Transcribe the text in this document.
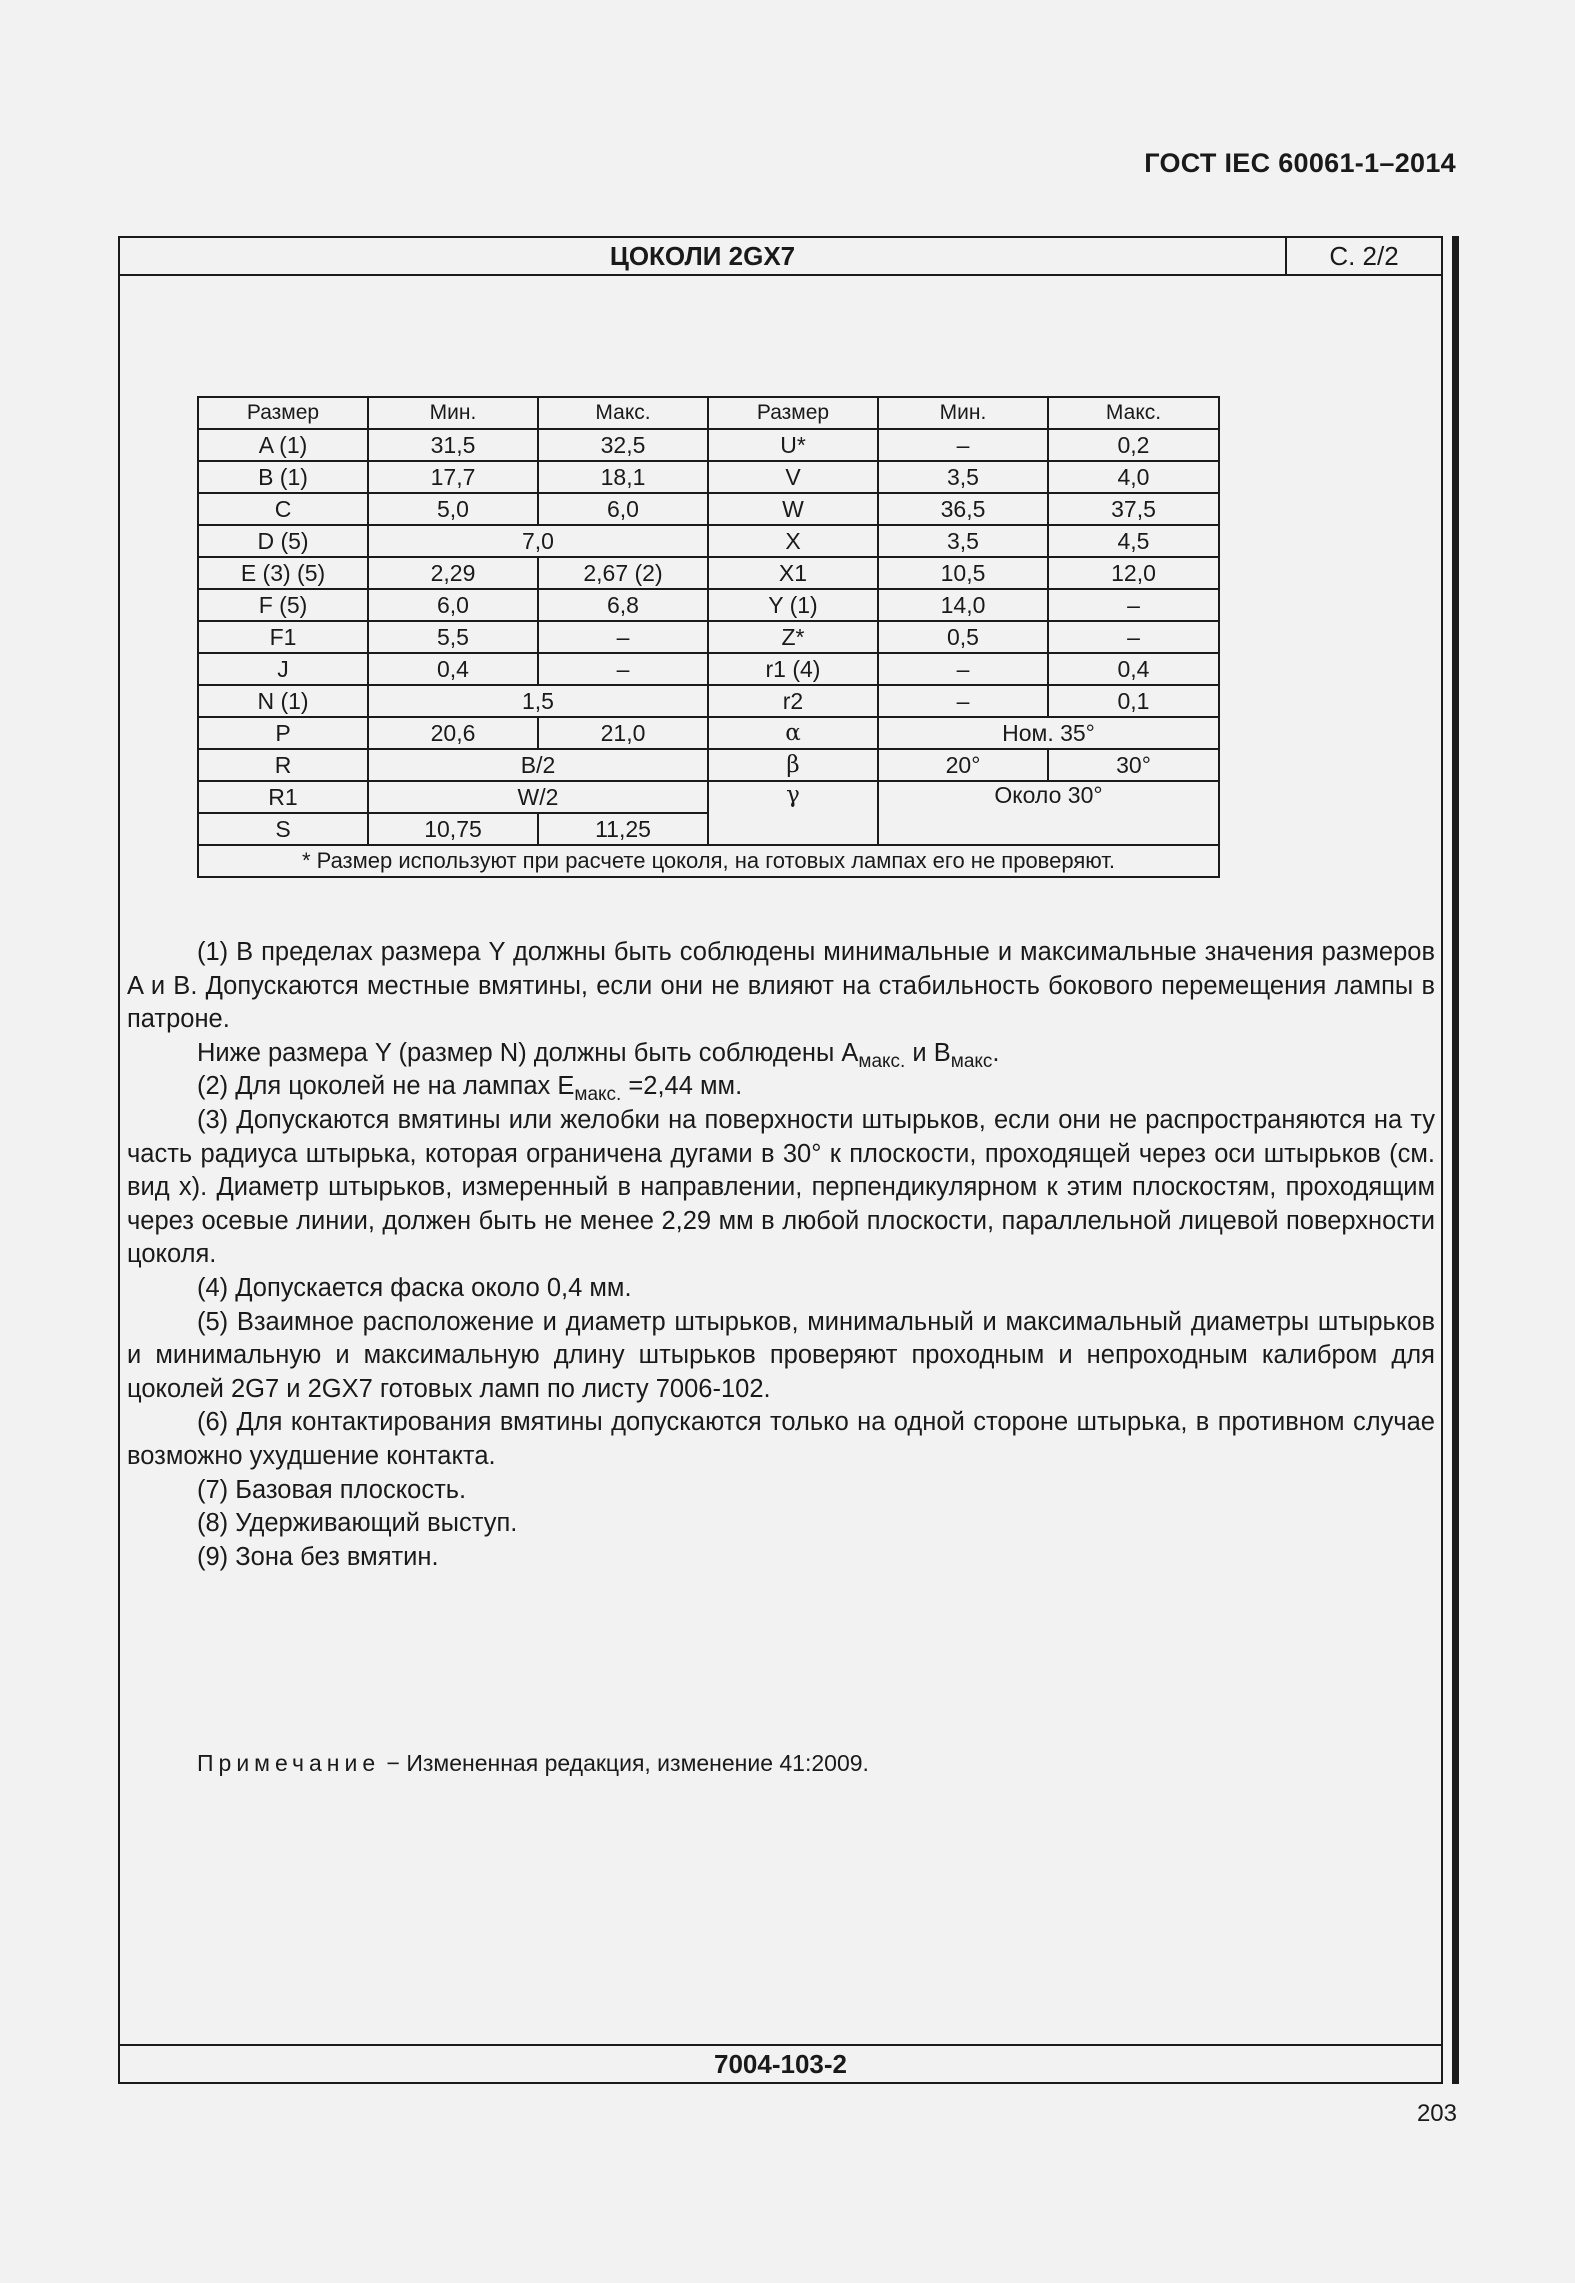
ГОСТ IEC 60061-1–2014
ЦОКОЛИ 2GX7	С. 2/2
7004-103-2
Размер	Мин.	Макс.	Размер	Мин.	Макс.
A (1)	31,5	32,5	U*	–	0,2
B (1)	17,7	18,1	V	3,5	4,0
C	5,0	6,0	W	36,5	37,5
D (5)	7,0		X	3,5	4,5
E (3) (5)	2,29	2,67 (2)	X1	10,5	12,0
F (5)	6,0	6,8	Y (1)	14,0	–
F1	5,5	–	Z*	0,5	–
J	0,4	–	r1 (4)	–	0,4
N (1)	1,5		r2	–	0,1
P	20,6	21,0	α	Ном. 35°	
R	B/2		β	20°	30°
R1	W/2		γ	Около 30°	
S	10,75	11,25			
* Размер используют при расчете цоколя, на готовых лампах его не проверяют.					

(1) В пределах размера Y должны быть соблюдены минимальные и максимальные значения размеров A и B. Допускаются местные вмятины, если они не влияют на стабильность бокового перемещения лампы в патроне.

Ниже размера Y (размер N) должны быть соблюдены $A_{макс.}$ и $B_{макс}$.

(2) Для цоколей не на лампах $E_{макс.} =2,44$ мм.

(3) Допускаются вмятины или желобки на поверхности штырьков, если они не распространяются на ту часть радиуса штырька, которая ограничена дугами в 30° к плоскости, проходящей через оси штырьков (см. вид х). Диаметр штырьков, измеренный в направлении, перпендикулярном к этим плоскостям, проходящим через осевые линии, должен быть не менее 2,29 мм в любой плоскости, параллельной лицевой поверхности цоколя.

(4) Допускается фаска около 0,4 мм.

(5) Взаимное расположение и диаметр штырьков, минимальный и максимальный диаметры штырьков и минимальную и максимальную длину штырьков проверяют проходным и непроходным калибром для цоколей 2G7 и 2GX7 готовых ламп по листу 7006-102.

(6) Для контактирования вмятины допускаются только на одной стороне штырька, в противном случае возможно ухудшение контакта.

(7) Базовая плоскость.

(8) Удерживающий выступ.

(9) Зона без вмятин.

Примечание − Измененная редакция, изменение 41:2009.
203
